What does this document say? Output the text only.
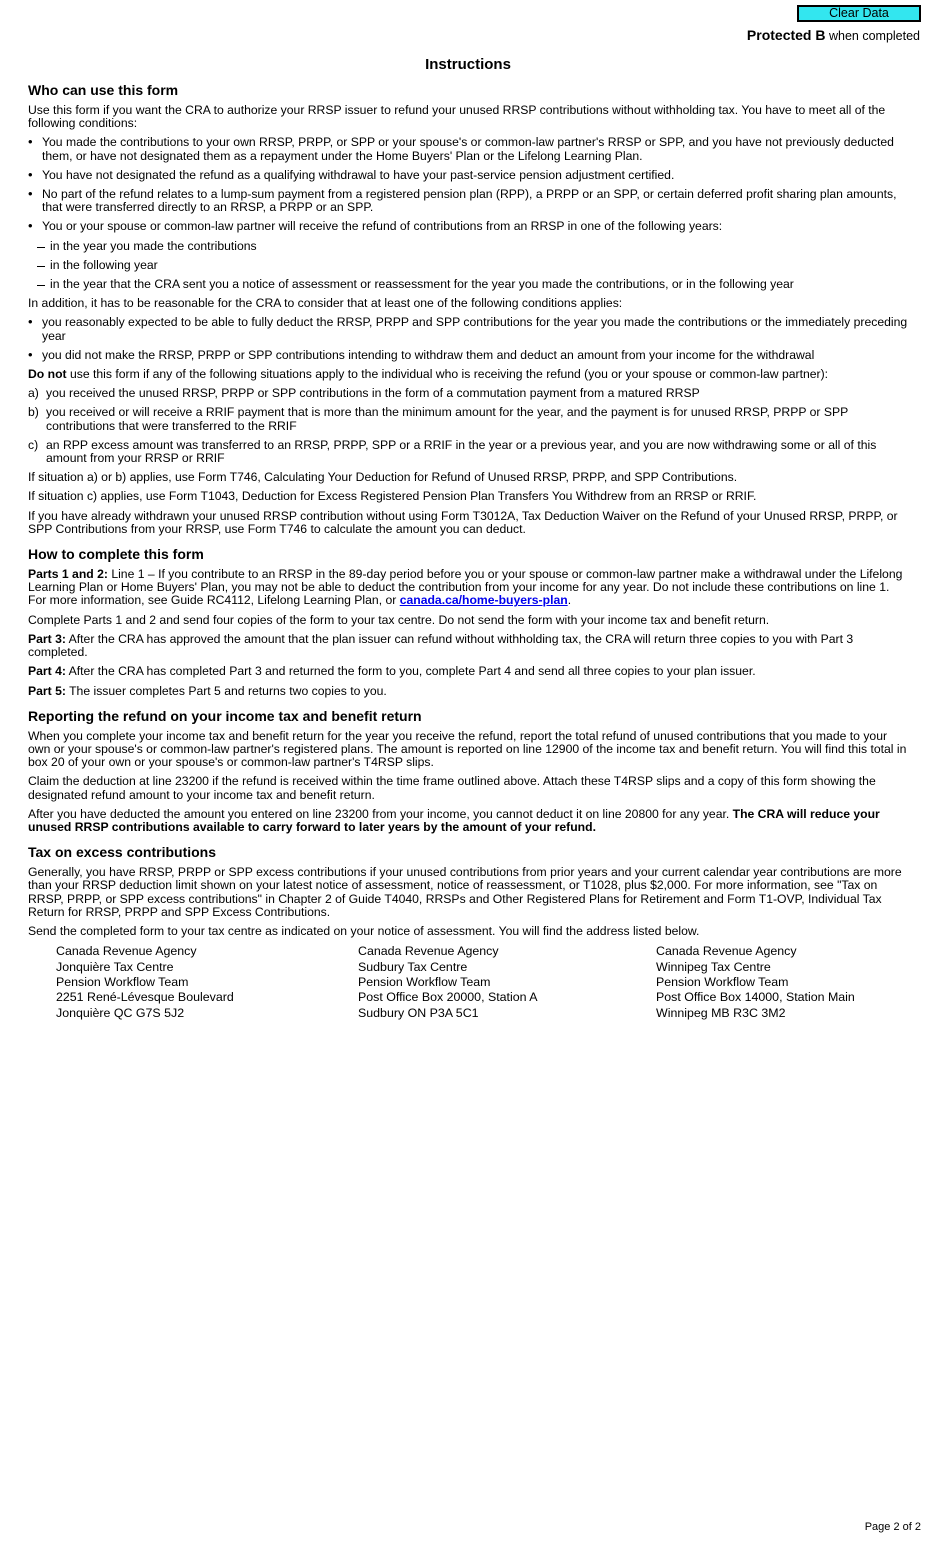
Clear Data
Protected B when completed
Instructions
Who can use this form

Use this form if you want the CRA to authorize your RRSP issuer to refund your unused RRSP contributions without withholding tax. You have to meet all of the following conditions:

• You made the contributions to your own RRSP, PRPP, or SPP or your spouse's or common-law partner's RRSP or SPP, and you have not previously deducted them, or have not designated them as a repayment under the Home Buyers' Plan or the Lifelong Learning Plan.
• You have not designated the refund as a qualifying withdrawal to have your past-service pension adjustment certified.
• No part of the refund relates to a lump-sum payment from a registered pension plan (RPP), a PRPP or an SPP, or certain deferred profit sharing plan amounts, that were transferred directly to an RRSP, a PRPP or an SPP.
• You or your spouse or common-law partner will receive the refund of contributions from an RRSP in one of the following years:
in the year you made the contributions
in the following year
in the year that the CRA sent you a notice of assessment or reassessment for the year you made the contributions, or in the following year

In addition, it has to be reasonable for the CRA to consider that at least one of the following conditions applies:

• you reasonably expected to be able to fully deduct the RRSP, PRPP and SPP contributions for the year you made the contributions or the immediately preceding year
• you did not make the RRSP, PRPP or SPP contributions intending to withdraw them and deduct an amount from your income for the withdrawal

Do not use this form if any of the following situations apply to the individual who is receiving the refund (you or your spouse or common-law partner):

a) you received the unused RRSP, PRPP or SPP contributions in the form of a commutation payment from a matured RRSP
b) you received or will receive a RRIF payment that is more than the minimum amount for the year, and the payment is for unused RRSP, PRPP or SPP contributions that were transferred to the RRIF
c) an RPP excess amount was transferred to an RRSP, PRPP, SPP or a RRIF in the year or a previous year, and you are now withdrawing some or all of this amount from your RRSP or RRIF

If situation a) or b) applies, use Form T746, Calculating Your Deduction for Refund of Unused RRSP, PRPP, and SPP Contributions.

If situation c) applies, use Form T1043, Deduction for Excess Registered Pension Plan Transfers You Withdrew from an RRSP or RRIF.

If you have already withdrawn your unused RRSP contribution without using Form T3012A, Tax Deduction Waiver on the Refund of your Unused RRSP, PRPP, or SPP Contributions from your RRSP, use Form T746 to calculate the amount you can deduct.

How to complete this form

Parts 1 and 2: Line 1 – If you contribute to an RRSP in the 89-day period before you or your spouse or common-law partner make a withdrawal under the Lifelong Learning Plan or Home Buyers' Plan, you may not be able to deduct the contribution from your income for any year. Do not include these contributions on line 1. For more information, see Guide RC4112, Lifelong Learning Plan, or canada.ca/home-buyers-plan.

Complete Parts 1 and 2 and send four copies of the form to your tax centre. Do not send the form with your income tax and benefit return.

Part 3: After the CRA has approved the amount that the plan issuer can refund without withholding tax, the CRA will return three copies to you with Part 3 completed.

Part 4: After the CRA has completed Part 3 and returned the form to you, complete Part 4 and send all three copies to your plan issuer.

Part 5: The issuer completes Part 5 and returns two copies to you.

Reporting the refund on your income tax and benefit return

When you complete your income tax and benefit return for the year you receive the refund, report the total refund of unused contributions that you made to your own or your spouse's or common-law partner's registered plans. The amount is reported on line 12900 of the income tax and benefit return. You will find this total in box 20 of your own or your spouse's or common-law partner's T4RSP slips.

Claim the deduction at line 23200 if the refund is received within the time frame outlined above. Attach these T4RSP slips and a copy of this form showing the designated refund amount to your income tax and benefit return.

After you have deducted the amount you entered on line 23200 from your income, you cannot deduct it on line 20800 for any year. The CRA will reduce your unused RRSP contributions available to carry forward to later years by the amount of your refund.

Tax on excess contributions

Generally, you have RRSP, PRPP or SPP excess contributions if your unused contributions from prior years and your current calendar year contributions are more than your RRSP deduction limit shown on your latest notice of assessment, notice of reassessment, or T1028, plus $2,000. For more information, see "Tax on RRSP, PRPP, or SPP excess contributions" in Chapter 2 of Guide T4040, RRSPs and Other Registered Plans for Retirement and Form T1-OVP, Individual Tax Return for RRSP, PRPP and SPP Excess Contributions.

Send the completed form to your tax centre as indicated on your notice of assessment. You will find the address listed below.

Canada Revenue Agency
Jonquière Tax Centre
Pension Workflow Team
2251 René-Lévesque Boulevard
Jonquière QC G7S 5J2
Canada Revenue Agency
Sudbury Tax Centre
Pension Workflow Team
Post Office Box 20000, Station A
Sudbury ON P3A 5C1
Canada Revenue Agency
Winnipeg Tax Centre
Pension Workflow Team
Post Office Box 14000, Station Main
Winnipeg MB R3C 3M2
Page 2 of 2
